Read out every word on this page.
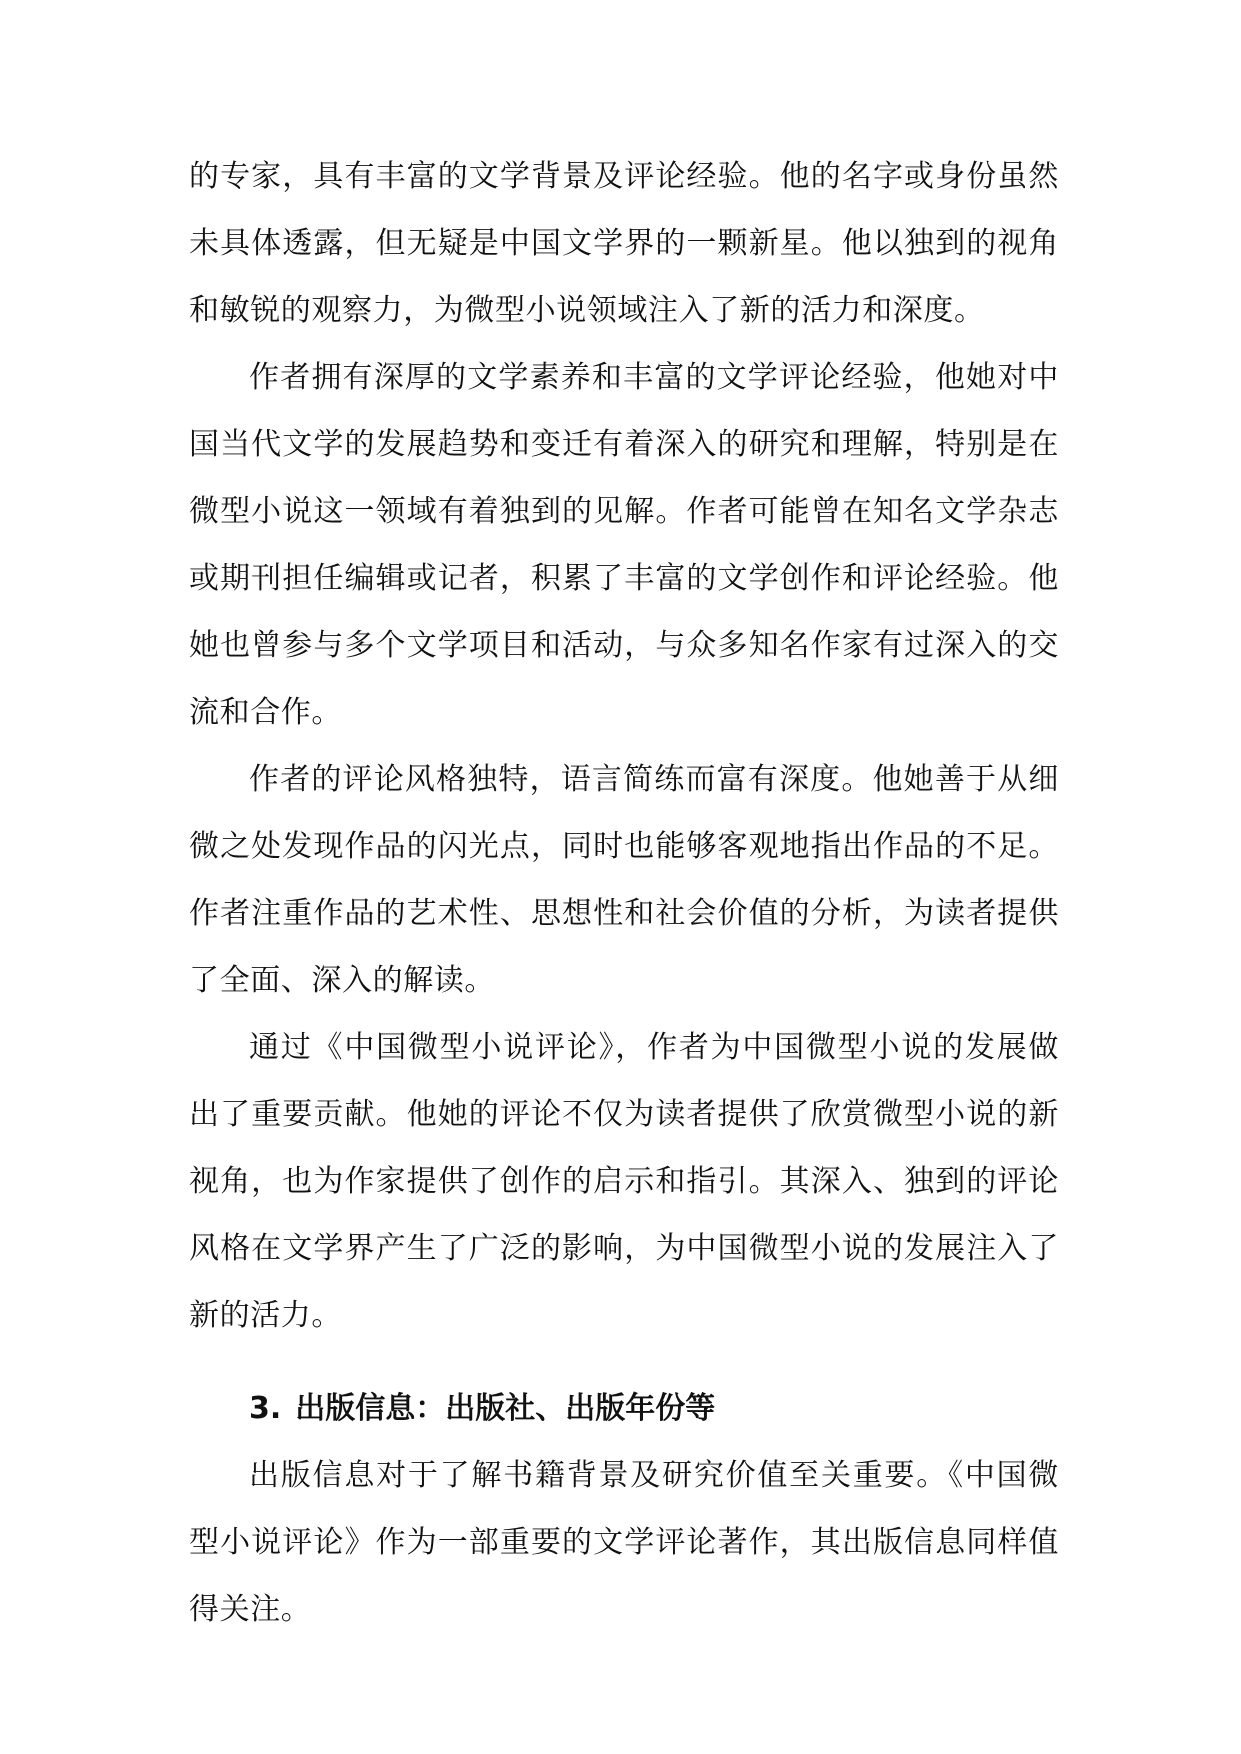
的专家，具有丰富的文学背景及评论经验。他的名字或身份虽然未具体透露，但无疑是中国文学界的一颗新星。他以独到的视角和敏锐的观察力，为微型小说领域注入了新的活力和深度。

作者拥有深厚的文学素养和丰富的文学评论经验，他她对中国当代文学的发展趋势和变迁有着深入的研究和理解，特别是在微型小说这一领域有着独到的见解。作者可能曾在知名文学杂志或期刊担任编辑或记者，积累了丰富的文学创作和评论经验。他她也曾参与多个文学项目和活动，与众多知名作家有过深入的交流和合作。

作者的评论风格独特，语言简练而富有深度。他她善于从细微之处发现作品的闪光点，同时也能够客观地指出作品的不足。作者注重作品的艺术性、思想性和社会价值的分析，为读者提供了全面、深入的解读。

通过《中国微型小说评论》，作者为中国微型小说的发展做出了重要贡献。他她的评论不仅为读者提供了欣赏微型小说的新视角，也为作家提供了创作的启示和指引。其深入、独到的评论风格在文学界产生了广泛的影响，为中国微型小说的发展注入了新的活力。

3. 出版信息：出版社、出版年份等

出版信息对于了解书籍背景及研究价值至关重要。《中国微型小说评论》作为一部重要的文学评论著作，其出版信息同样值得关注。
